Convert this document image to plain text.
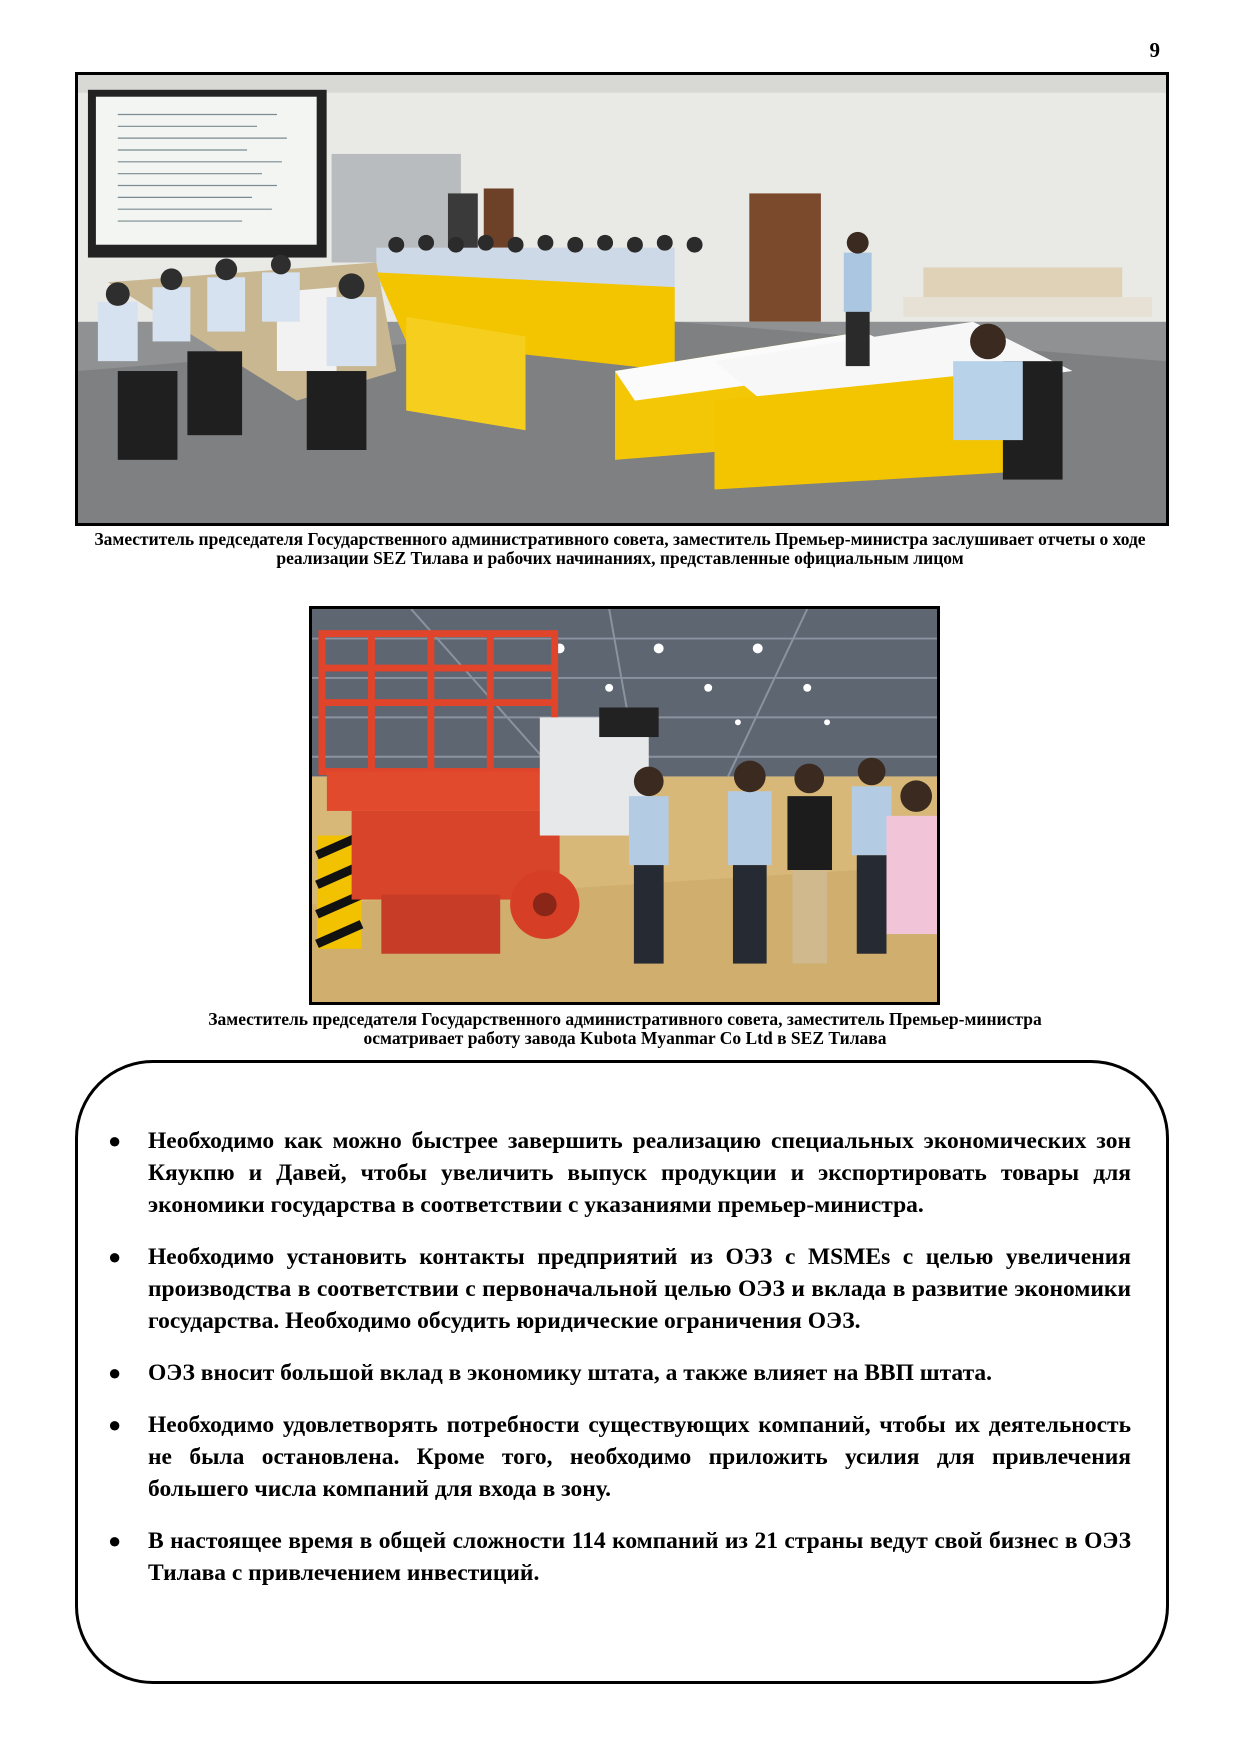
9
Заместитель председателя Государственного административного совета, заместитель Премьер-министра заслушивает отчеты о ходе реализации SEZ Тилава и рабочих начинаниях, представленные официальным лицом
Заместитель председателя Государственного административного совета, заместитель Премьер-министра осматривает работу завода Kubota Myanmar Co Ltd в SEZ Тилава
● Необходимо как можно быстрее завершить реализацию специальных экономических зон Кяукпю и Давей, чтобы увеличить выпуск продукции и экспортировать товары для экономики государства в соответствии с указаниями премьер-министра.
● Необходимо установить контакты предприятий из ОЭЗ с MSMEs с целью увеличения производства в соответствии с первоначальной целью ОЭЗ и вклада в развитие экономики государства. Необходимо обсудить юридические ограничения ОЭЗ.
● ОЭЗ вносит большой вклад в экономику штата, а также влияет на ВВП штата.
● Необходимо удовлетворять потребности существующих компаний, чтобы их деятельность не была остановлена. Кроме того, необходимо приложить усилия для привлечения большего числа компаний для входа в зону.
● В настоящее время в общей сложности 114 компаний из 21 страны ведут свой бизнес в ОЭЗ Тилава с привлечением инвестиций.
